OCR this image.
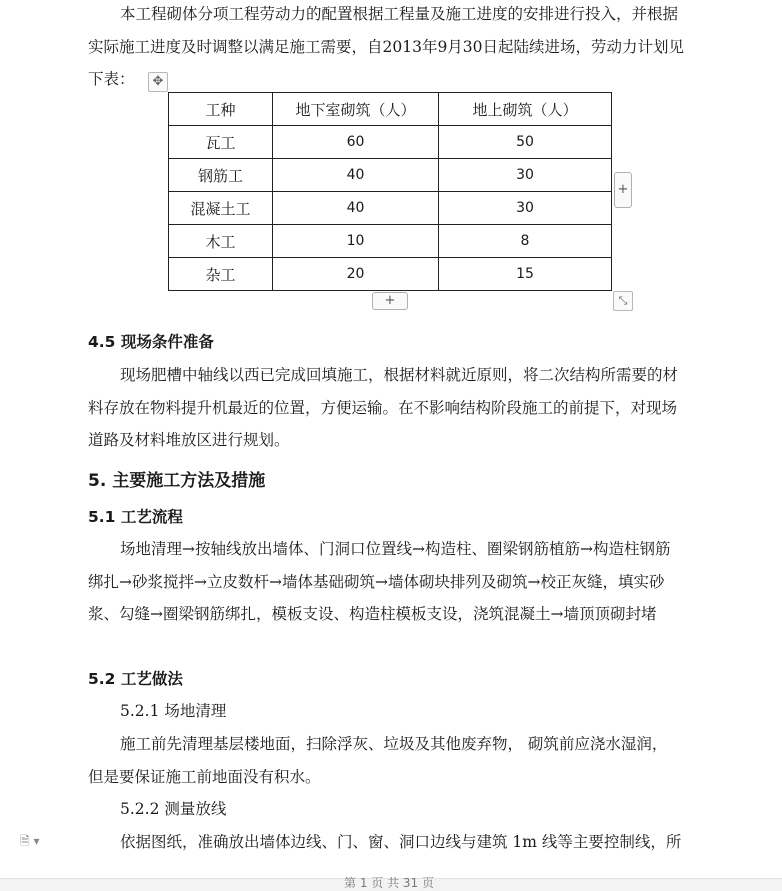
本工程砌体分项工程劳动力的配置根据工程量及施工进度的安排进行投入，并根据
实际施工进度及时调整以满足施工需要，自2013年9月30日起陆续进场，劳动力计划见
下表：	✥
工种	地下室砌筑（人）	地上砌筑（人）
瓦工	60	50
钢筋工	40	30
混凝土工	40	30
木工	10	8
杂工	20	15
+
+	⤡
4.5 现场条件准备
现场肥槽中轴线以西已完成回填施工，根据材料就近原则，将二次结构所需要的材
料存放在物料提升机最近的位置，方便运输。在不影响结构阶段施工的前提下，对现场
道路及材料堆放区进行规划。
5. 主要施工方法及措施
5.1 工艺流程
场地清理→按轴线放出墙体、门洞口位置线→构造柱、圈梁钢筋植筋→构造柱钢筋
绑扎→砂浆搅拌→立皮数杆→墙体基础砌筑→墙体砌块排列及砌筑→校正灰缝，填实砂
浆、勾缝→圈梁钢筋绑扎，模板支设、构造柱模板支设，浇筑混凝土→墙顶顶砌封堵
5.2 工艺做法
5.2.1 场地清理
施工前先清理基层楼地面，扫除浮灰、垃圾及其他废弃物， 砌筑前应浇水湿润，
但是要保证施工前地面没有积水。
5.2.2 测量放线
依据图纸，准确放出墙体边线、门、窗、洞口边线与建筑 1m 线等主要控制线，所
🗎 ▾
第 1 页 共 31 页
